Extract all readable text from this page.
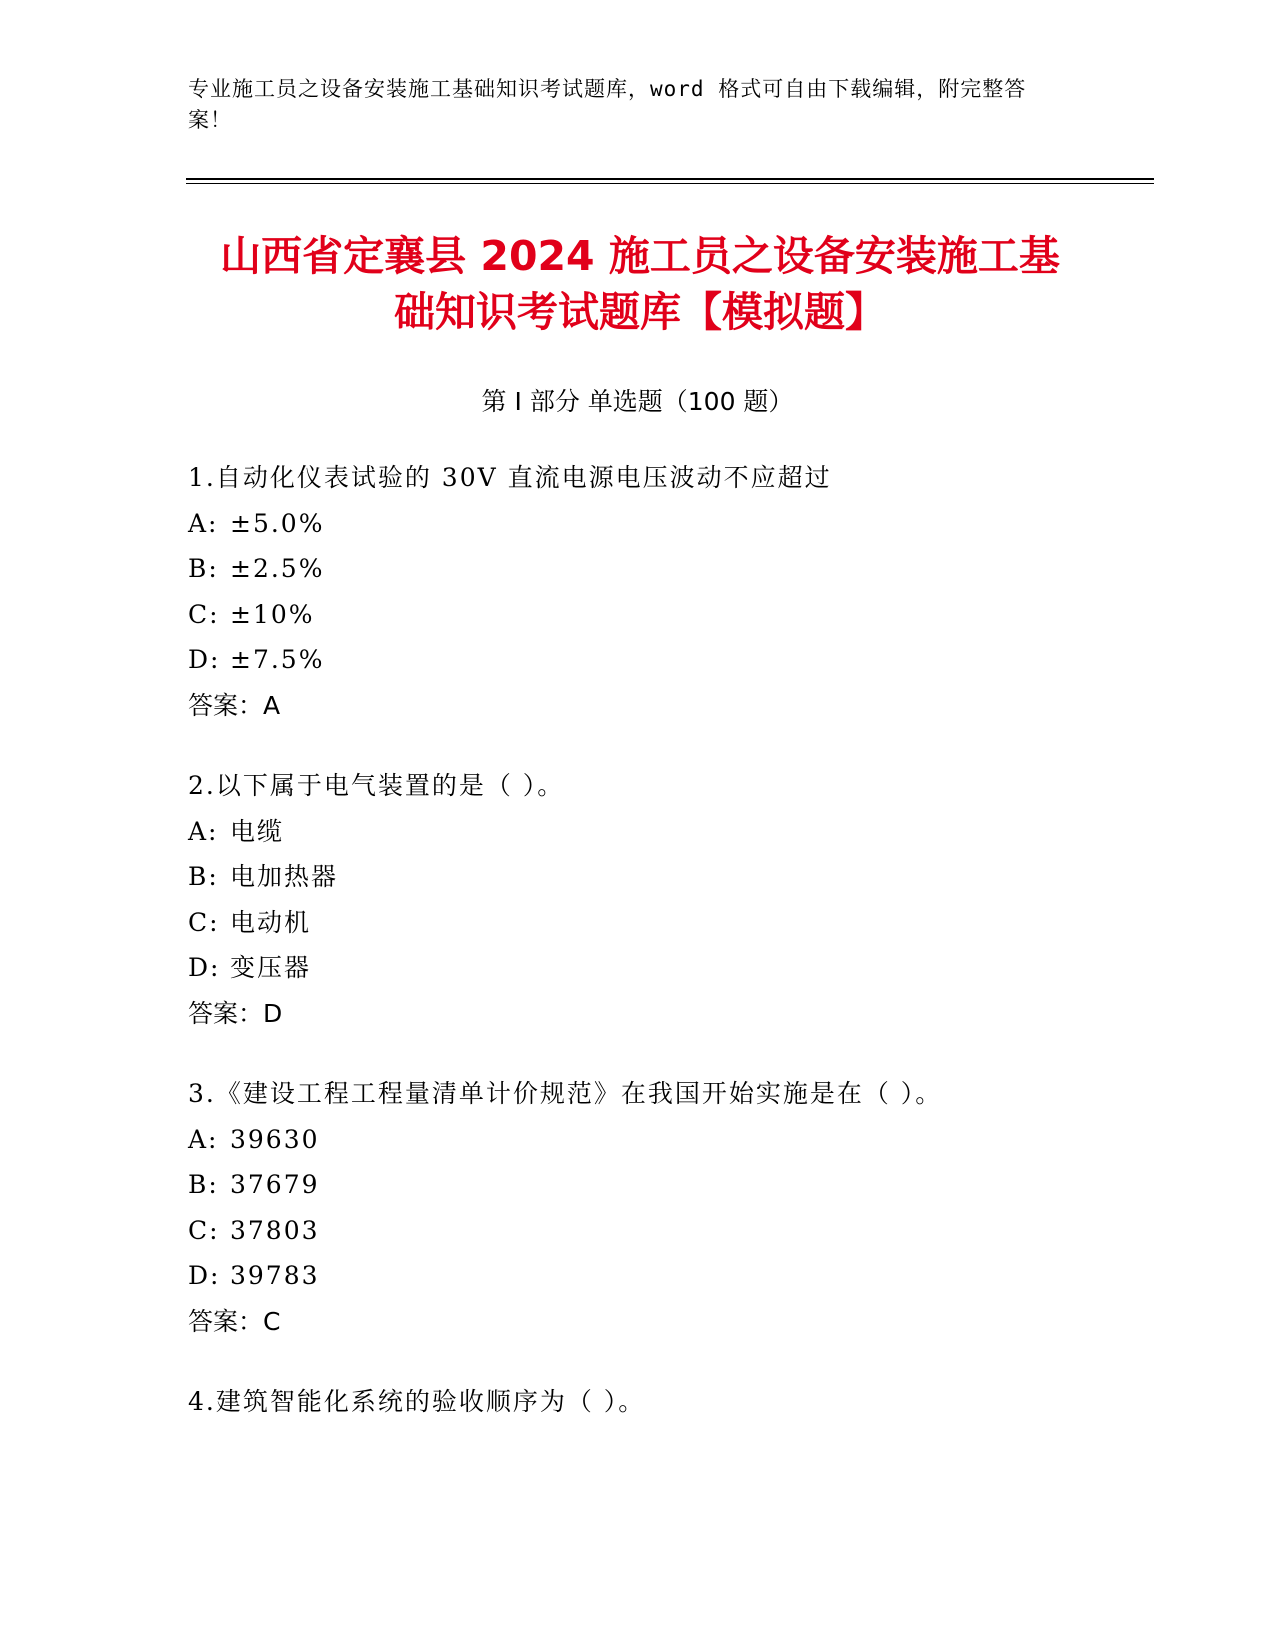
专业施工员之设备安装施工基础知识考试题库，word 格式可自由下载编辑，附完整答案！
山西省定襄县 2024 施工员之设备安装施工基
础知识考试题库【模拟题】
第 I 部分 单选题（100 题）
1.自动化仪表试验的 30V 直流电源电压波动不应超过
A: ±5.0%
B: ±2.5%
C: ±10%
D: ±7.5%
答案：A
2.以下属于电气装置的是（ ）。
A: 电缆
B: 电加热器
C: 电动机
D: 变压器
答案：D
3.《建设工程工程量清单计价规范》在我国开始实施是在（ ）。
A: 39630
B: 37679
C: 37803
D: 39783
答案：C
4.建筑智能化系统的验收顺序为（ ）。
